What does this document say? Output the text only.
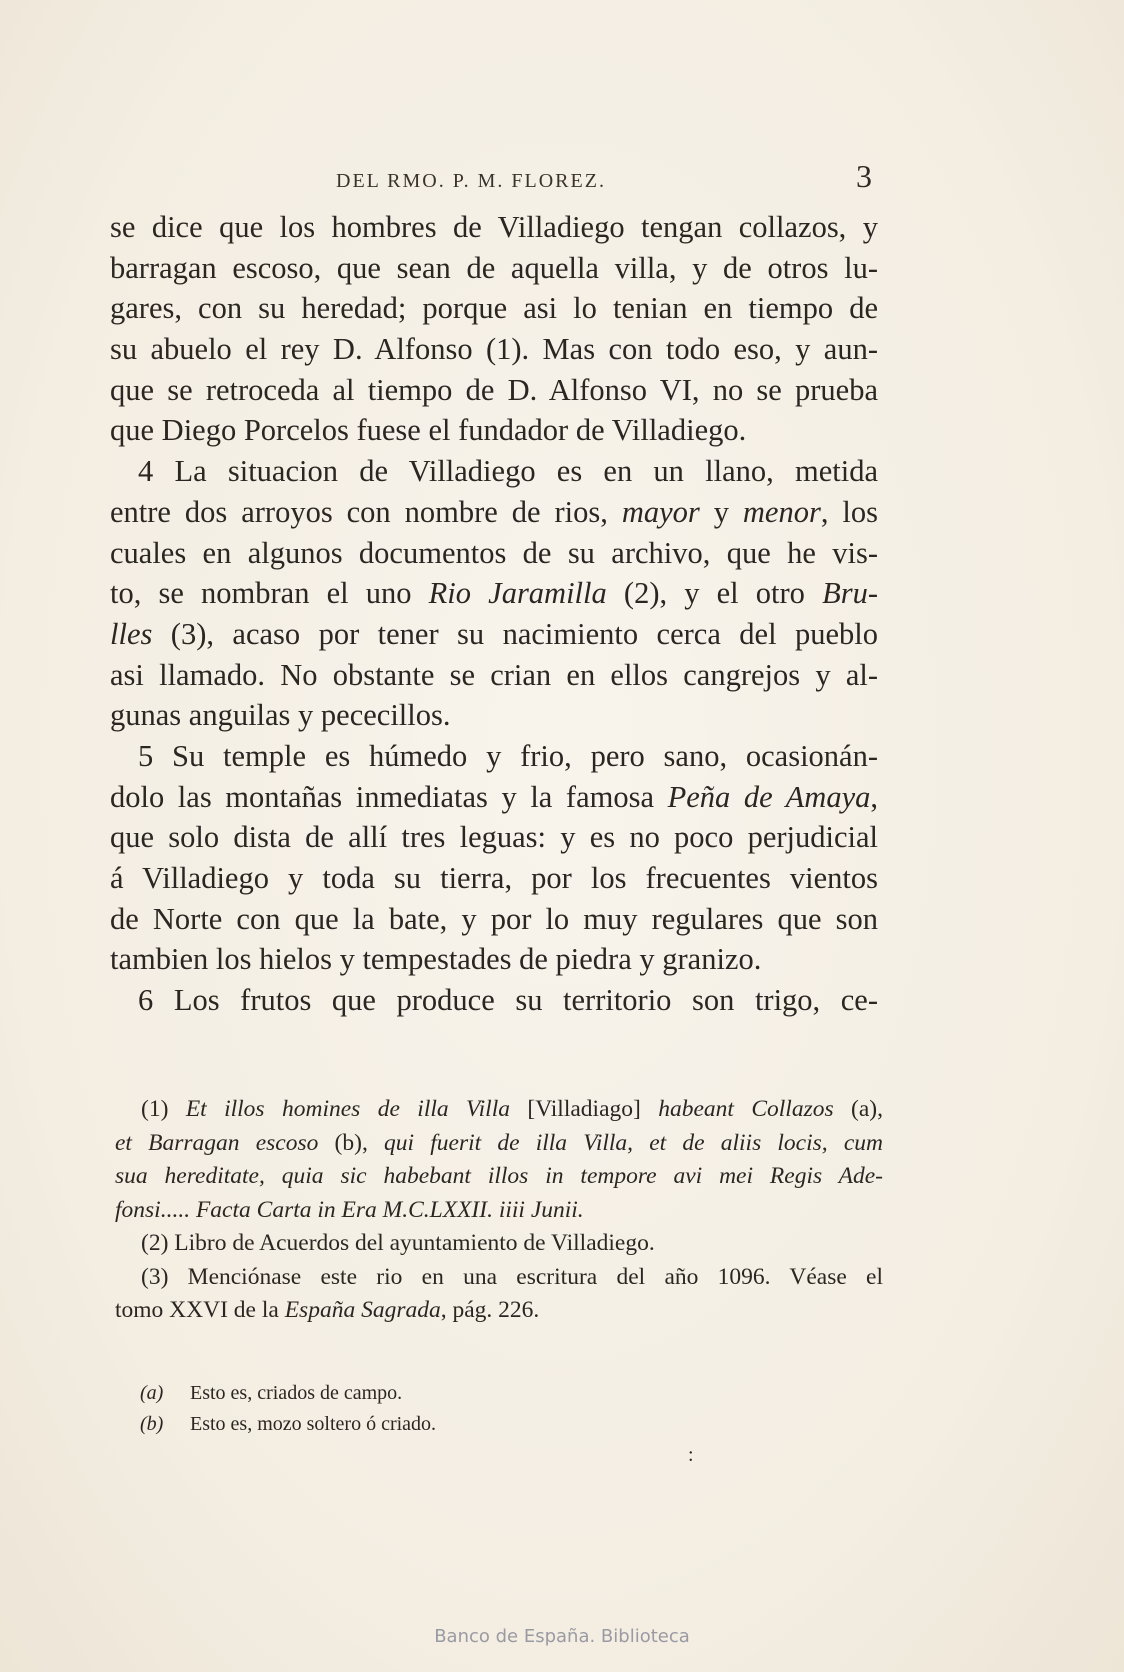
DEL RMO. P. M. FLOREZ.	3
se dice que los hombres de Villadiego tengan collazos, y
barragan escoso, que sean de aquella villa, y de otros lu-
gares, con su heredad; porque asi lo tenian en tiempo de
su abuelo el rey D. Alfonso (1). Mas con todo eso, y aun-
que se retroceda al tiempo de D. Alfonso VI, no se prueba
que Diego Porcelos fuese el fundador de Villadiego.
4 La situacion de Villadiego es en un llano, metida
entre dos arroyos con nombre de rios, mayor y menor, los
cuales en algunos documentos de su archivo, que he vis-
to, se nombran el uno Rio Jaramilla (2), y el otro Bru-
lles (3), acaso por tener su nacimiento cerca del pueblo
asi llamado. No obstante se crian en ellos cangrejos y al-
gunas anguilas y pececillos.
5 Su temple es húmedo y frio, pero sano, ocasionán-
dolo las montañas inmediatas y la famosa Peña de Amaya,
que solo dista de allí tres leguas: y es no poco perjudicial
á Villadiego y toda su tierra, por los frecuentes vientos
de Norte con que la bate, y por lo muy regulares que son
tambien los hielos y tempestades de piedra y granizo.
6 Los frutos que produce su territorio son trigo, ce-
(1) Et illos homines de illa Villa [Villadiago] habeant Collazos (a),
et Barragan escoso (b), qui fuerit de illa Villa, et de aliis locis, cum
sua hereditate, quia sic habebant illos in tempore avi mei Regis Ade-
fonsi..... Facta Carta in Era M.C.LXXII. iiii Junii.
(2) Libro de Acuerdos del ayuntamiento de Villadiego.
(3) Menciónase este rio en una escritura del año 1096. Véase el
tomo XXVI de la España Sagrada, pág. 226.
(a) Esto es, criados de campo.
(b) Esto es, mozo soltero ó criado.
:
Banco de España. Biblioteca
